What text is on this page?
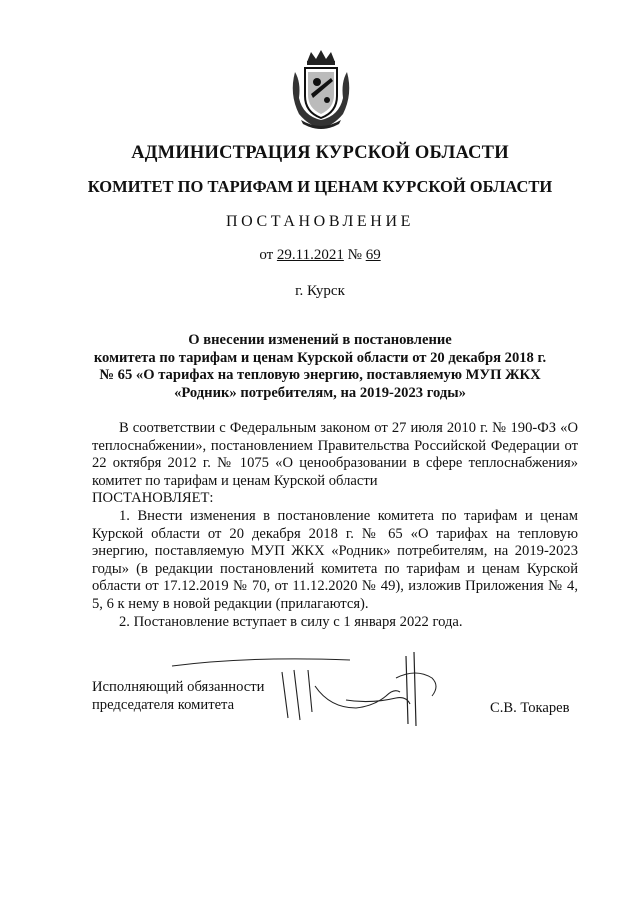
АДМИНИСТРАЦИЯ КУРСКОЙ ОБЛАСТИ
КОМИТЕТ ПО ТАРИФАМ И ЦЕНАМ КУРСКОЙ ОБЛАСТИ
ПОСТАНОВЛЕНИЕ
от 29.11.2021 № 69
г. Курск
О внесении изменений в постановление
комитета по тарифам и ценам Курской области от 20 декабря 2018 г.
№ 65 «О тарифах на тепловую энергию, поставляемую МУП ЖКХ
«Родник» потребителям, на 2019-2023 годы»

В соответствии с Федеральным законом от 27 июля 2010 г. № 190-ФЗ «О теплоснабжении», постановлением Правительства Российской Федерации от 22 октября 2012 г. № 1075 «О ценообразовании в сфере теплоснабжения» комитет по тарифам и ценам Курской области

ПОСТАНОВЛЯЕТ:

1. Внести изменения в постановление комитета по тарифам и ценам Курской области от 20 декабря 2018 г. № 65 «О тарифах на тепловую энергию, поставляемую МУП ЖКХ «Родник» потребителям, на 2019-2023 годы» (в редакции постановлений комитета по тарифам и ценам Курской области от 17.12.2019 № 70, от 11.12.2020 № 49), изложив Приложения № 4, 5, 6 к нему в новой редакции (прилагаются).

2. Постановление вступает в силу с 1 января 2022 года.

Исполняющий обязанности
председателя комитета	С.В. Токарев
